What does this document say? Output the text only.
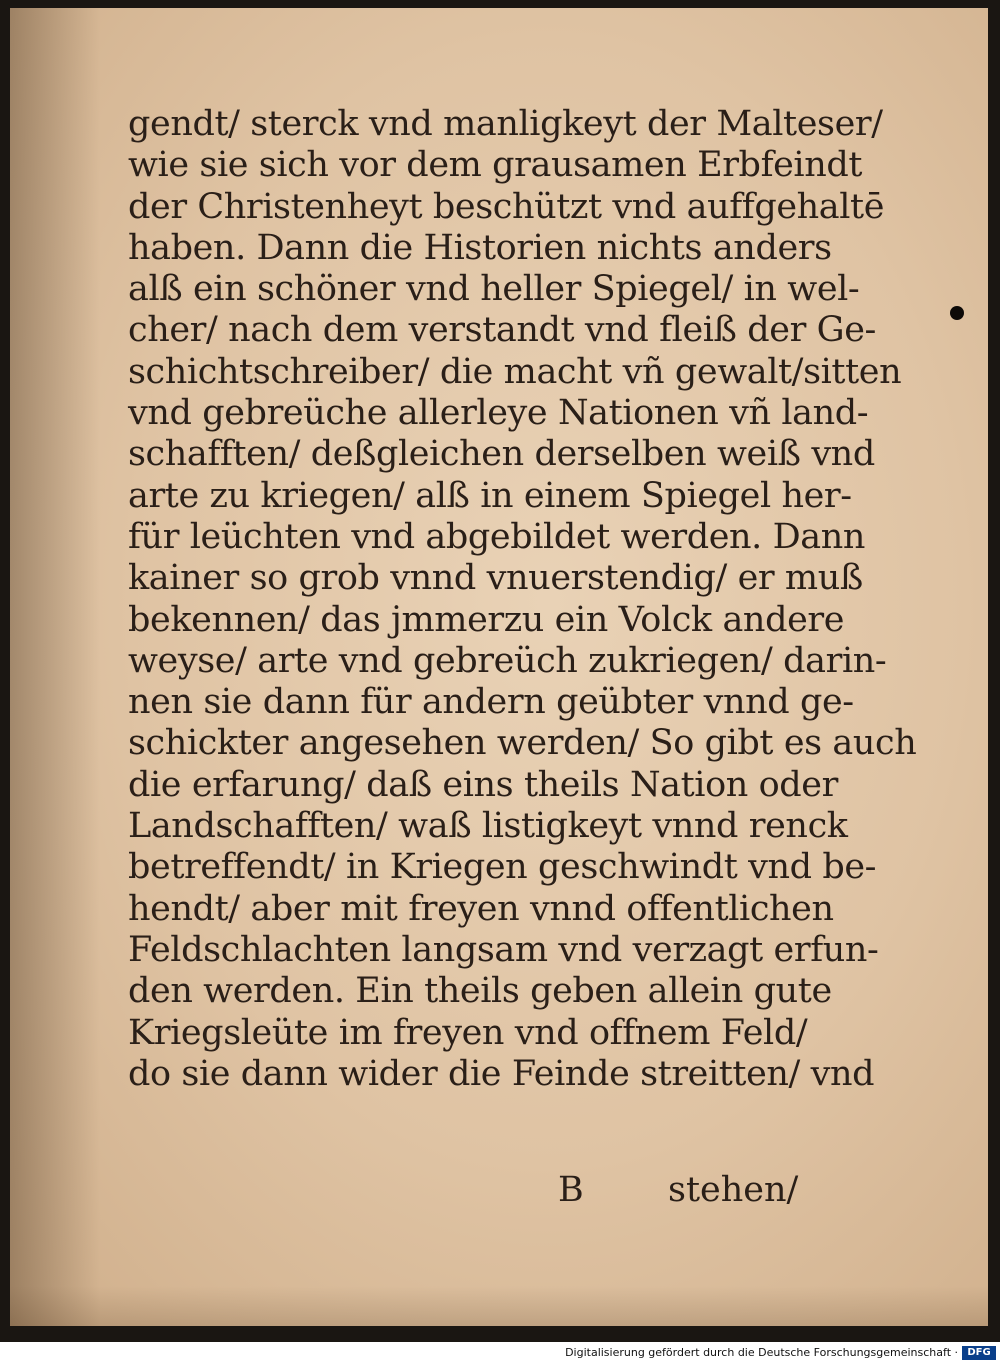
gendt/ sterck vnd manligkeyt der Malteser/
wie sie sich vor dem grausamen Erbfeindt
der Christenheyt beschützt vnd auffgehaltē
haben. Dann die Historien nichts anders
alß ein schöner vnd heller Spiegel/ in wel-
cher/ nach dem verstandt vnd fleiß der Ge-
schichtschreiber/ die macht vñ gewalt/sitten
vnd gebreüche allerleye Nationen vñ land-
schafften/ deßgleichen derselben weiß vnd
arte zu kriegen/ alß in einem Spiegel her-
für leüchten vnd abgebildet werden. Dann
kainer so grob vnnd vnuerstendig/ er muß
bekennen/ das jmmerzu ein Volck andere
weyse/ arte vnd gebreüch zukriegen/ darin-
nen sie dann für andern geübter vnnd ge-
schickter angesehen werden/ So gibt es auch
die erfarung/ daß eins theils Nation oder
Landschafften/ waß listigkeyt vnnd renck
betreffendt/ in Kriegen geschwindt vnd be-
hendt/ aber mit freyen vnnd offentlichen
Feldschlachten langsam vnd verzagt erfun-
den werden. Ein theils geben allein gute
Kriegsleüte im freyen vnd offnem Feld/
do sie dann wider die Feinde streitten/ vnd
B stehen/
Digitalisierung gefördert durch die Deutsche Forschungsgemeinschaft · DFG
